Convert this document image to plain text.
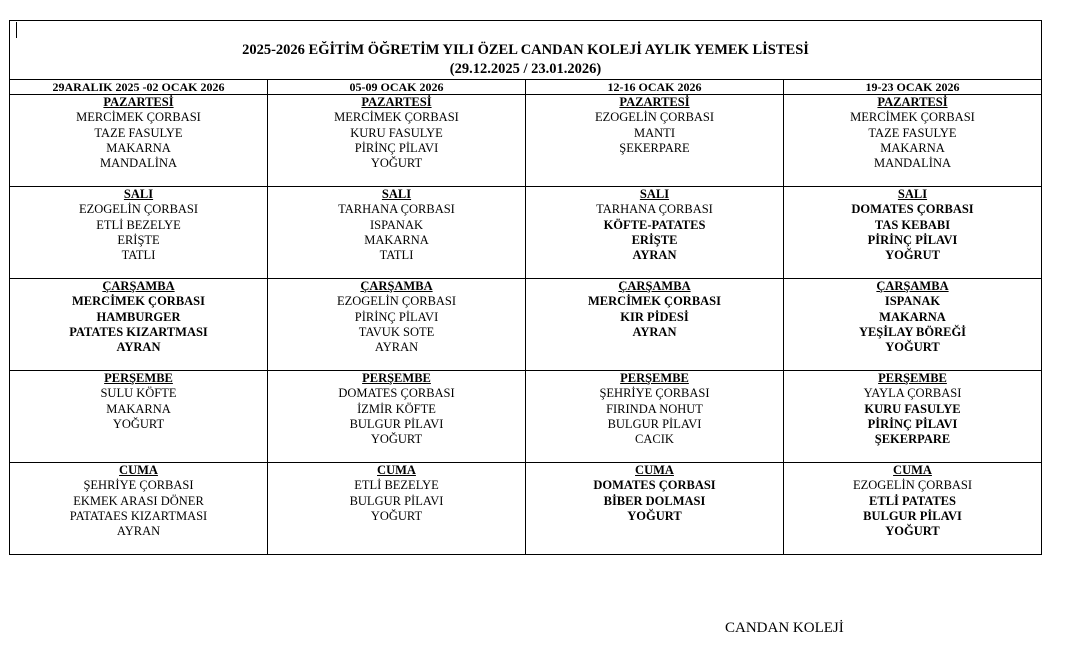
2025-2026 EĞİTİM ÖĞRETİM YILI ÖZEL CANDAN KOLEJİ AYLIK YEMEK LİSTESİ
(29.12.2025 / 23.01.2026)			
29ARALIK 2025 -02 OCAK 2026	05-09 OCAK 2026	12-16 OCAK 2026	19-23 OCAK 2026

PAZARTESİ
MERCİMEK ÇORBASI
TAZE FASULYE
MAKARNA
MANDALİNA	PAZARTESİ
MERCİMEK ÇORBASI
KURU FASULYE
PİRİNÇ PİLAVI
YOĞURT	PAZARTESİ
EZOGELİN ÇORBASI
MANTI
ŞEKERPARE	PAZARTESİ
MERCİMEK ÇORBASI
TAZE FASULYE
MAKARNA
MANDALİNA

SALI
EZOGELİN ÇORBASI
ETLİ BEZELYE
ERİŞTE
TATLI	SALI
TARHANA ÇORBASI
ISPANAK
MAKARNA
TATLI	SALI
TARHANA ÇORBASI
KÖFTE-PATATES
ERİŞTE
AYRAN	SALI
DOMATES ÇORBASI
TAS KEBABI
PİRİNÇ PİLAVI
YOĞRUT

ÇARŞAMBA
MERCİMEK ÇORBASI
HAMBURGER
PATATES KIZARTMASI
AYRAN	ÇARŞAMBA
EZOGELİN ÇORBASI
PİRİNÇ PİLAVI
TAVUK SOTE
AYRAN	ÇARŞAMBA
MERCİMEK ÇORBASI
KIR PİDESİ
AYRAN	ÇARŞAMBA
ISPANAK
MAKARNA
YEŞİLAY BÖREĞİ
YOĞURT

PERŞEMBE
SULU KÖFTE
MAKARNA
YOĞURT	PERŞEMBE
DOMATES ÇORBASI
İZMİR KÖFTE
BULGUR PİLAVI
YOĞURT	PERŞEMBE
ŞEHRİYE ÇORBASI
FIRINDA NOHUT
BULGUR PİLAVI
CACIK	PERŞEMBE
YAYLA ÇORBASI
KURU FASULYE
PİRİNÇ PİLAVI
ŞEKERPARE

CUMA
ŞEHRİYE ÇORBASI
EKMEK ARASI DÖNER
PATATAES KIZARTMASI
AYRAN	CUMA
ETLİ BEZELYE
BULGUR PİLAVI
YOĞURT	CUMA
DOMATES ÇORBASI
BİBER DOLMASI
YOĞURT	CUMA
EZOGELİN ÇORBASI
ETLİ PATATES
BULGUR PİLAVI
YOĞURT
CANDAN KOLEJİ
